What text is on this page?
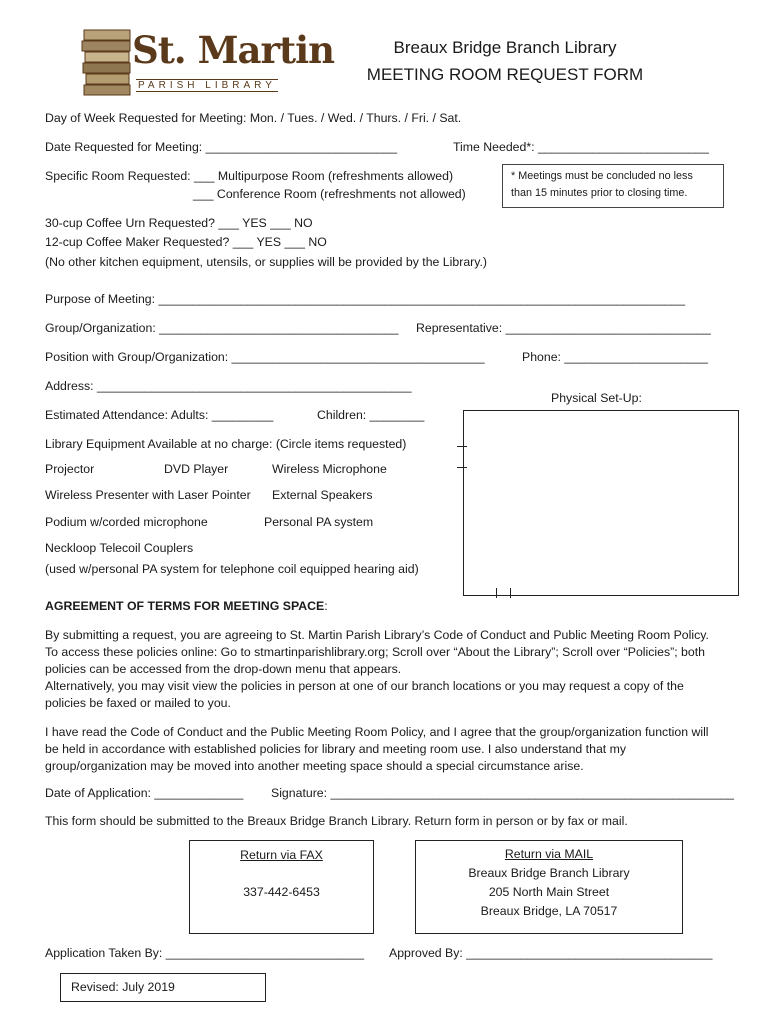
St. Martin
PARISH LIBRARY
Breaux Bridge Branch Library
MEETING ROOM REQUEST FORM
Day of Week Requested for Meeting: Mon. / Tues. / Wed. / Thurs. / Fri. / Sat.
Date Requested for Meeting: ____________________________	Time Needed*: _________________________
Specific Room Requested: ___ Multipurpose Room (refreshments allowed)
___ Conference Room (refreshments not allowed)
* Meetings must be concluded no less
than 15 minutes prior to closing time.
30-cup Coffee Urn Requested? ___ YES ___ NO
12-cup Coffee Maker Requested? ___ YES ___ NO
(No other kitchen equipment, utensils, or supplies will be provided by the Library.)
Purpose of Meeting: _____________________________________________________________________________
Group/Organization: ___________________________________ Representative: ______________________________
Position with Group/Organization: _____________________________________	Phone: _____________________
Address: ______________________________________________
Physical Set-Up:
Estimated Attendance: Adults: _________	Children: ________
Library Equipment Available at no charge: (Circle items requested)
Projector	DVD Player	Wireless Microphone
Wireless Presenter with Laser Pointer External Speakers
Podium w/corded microphone	Personal PA system
Neckloop Telecoil Couplers
(used w/personal PA system for telephone coil equipped hearing aid)
AGREEMENT OF TERMS FOR MEETING SPACE:
By submitting a request, you are agreeing to St. Martin Parish Library’s Code of Conduct and Public Meeting Room Policy. To access these policies online: Go to stmartinparishlibrary.org; Scroll over “About the Library”; Scroll over “Policies”; both policies can be accessed from the drop-down menu that appears.
Alternatively, you may visit view the policies in person at one of our branch locations or you may request a copy of the policies be faxed or mailed to you.
I have read the Code of Conduct and the Public Meeting Room Policy, and I agree that the group/organization function will be held in accordance with established policies for library and meeting room use. I also understand that my group/organization may be moved into another meeting space should a special circumstance arise.
Date of Application: _____________ Signature: ___________________________________________________________
This form should be submitted to the Breaux Bridge Branch Library. Return form in person or by fax or mail.
Return via FAX
337-442-6453
Return via MAIL
Breaux Bridge Branch Library
205 North Main Street
Breaux Bridge, LA 70517
Application Taken By: _____________________________ Approved By: ____________________________________
Revised: July 2019
